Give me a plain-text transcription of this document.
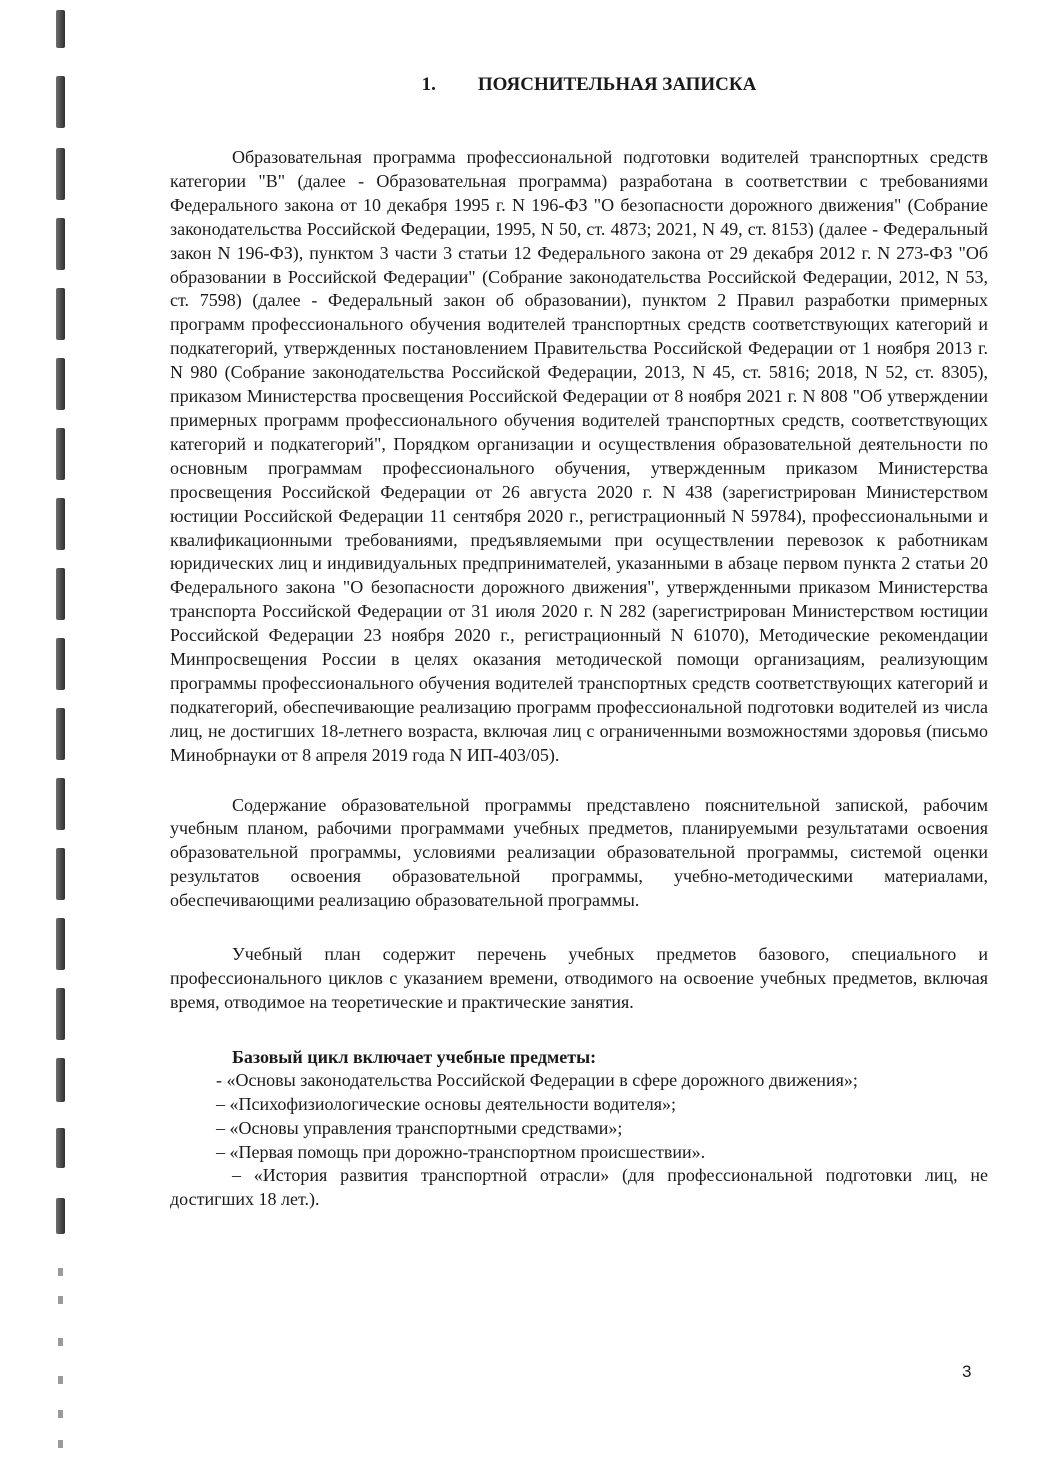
1. ПОЯСНИТЕЛЬНАЯ ЗАПИСКА

Образовательная программа профессиональной подготовки водителей транспортных средств категории "В" (далее - Образовательная программа) разработана в соответствии с требованиями Федерального закона от 10 декабря 1995 г. N 196-ФЗ "О безопасности дорожного движения" (Собрание законодательства Российской Федерации, 1995, N 50, ст. 4873; 2021, N 49, ст. 8153) (далее - Федеральный закон N 196-ФЗ), пунктом 3 части 3 статьи 12 Федерального закона от 29 декабря 2012 г. N 273-ФЗ "Об образовании в Российской Федерации" (Собрание законодательства Российской Федерации, 2012, N 53, ст. 7598) (далее - Федеральный закон об образовании), пунктом 2 Правил разработки примерных программ профессионального обучения водителей транспортных средств соответствующих категорий и подкатегорий, утвержденных постановлением Правительства Российской Федерации от 1 ноября 2013 г. N 980 (Собрание законодательства Российской Федерации, 2013, N 45, ст. 5816; 2018, N 52, ст. 8305), приказом Министерства просвещения Российской Федерации от 8 ноября 2021 г. N 808 "Об утверждении примерных программ профессионального обучения водителей транспортных средств, соответствующих категорий и подкатегорий", Порядком организации и осуществления образовательной деятельности по основным программам профессионального обучения, утвержденным приказом Министерства просвещения Российской Федерации от 26 августа 2020 г. N 438 (зарегистрирован Министерством юстиции Российской Федерации 11 сентября 2020 г., регистрационный N 59784), профессиональными и квалификационными требованиями, предъявляемыми при осуществлении перевозок к работникам юридических лиц и индивидуальных предпринимателей, указанными в абзаце первом пункта 2 статьи 20 Федерального закона "О безопасности дорожного движения", утвержденными приказом Министерства транспорта Российской Федерации от 31 июля 2020 г. N 282 (зарегистрирован Министерством юстиции Российской Федерации 23 ноября 2020 г., регистрационный N 61070), Методические рекомендации Минпросвещения России в целях оказания методической помощи организациям, реализующим программы профессионального обучения водителей транспортных средств соответствующих категорий и подкатегорий, обеспечивающие реализацию программ профессиональной подготовки водителей из числа лиц, не достигших 18-летнего возраста, включая лиц с ограниченными возможностями здоровья (письмо Минобрнауки от 8 апреля 2019 года N ИП-403/05).

Содержание образовательной программы представлено пояснительной запиской, рабочим учебным планом, рабочими программами учебных предметов, планируемыми результатами освоения образовательной программы, условиями реализации образовательной программы, системой оценки результатов освоения образовательной программы, учебно-методическими материалами, обеспечивающими реализацию образовательной программы.

Учебный план содержит перечень учебных предметов базового, специального и профессионального циклов с указанием времени, отводимого на освоение учебных предметов, включая время, отводимое на теоретические и практические занятия.

Базовый цикл включает учебные предметы:
- «Основы законодательства Российской Федерации в сфере дорожного движения»;
– «Психофизиологические основы деятельности водителя»;
– «Основы управления транспортными средствами»;
– «Первая помощь при дорожно-транспортном происшествии».
– «История развития транспортной отрасли» (для профессиональной подготовки лиц, не достигших 18 лет.).
3
